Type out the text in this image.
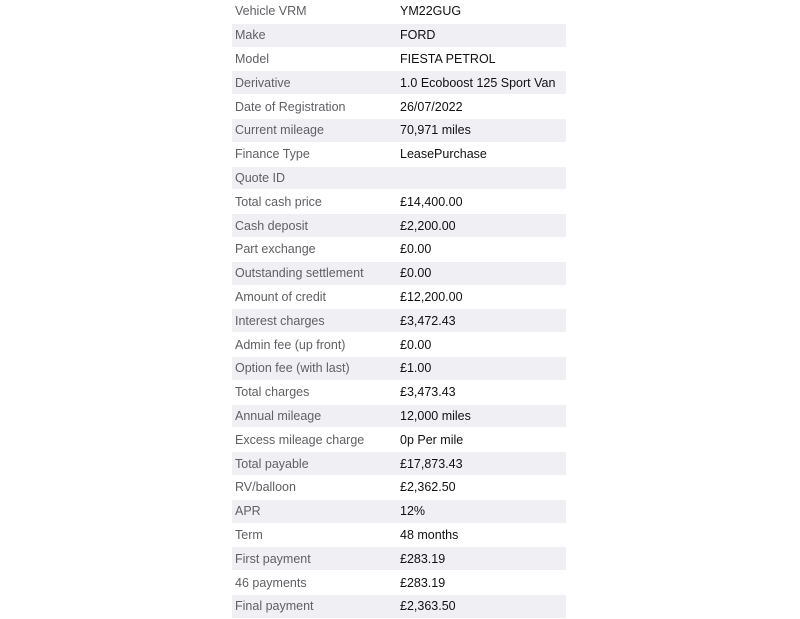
Vehicle VRM	YM22GUG
Make	FORD
Model	FIESTA PETROL
Derivative	1.0 Ecoboost 125 Sport Van
Date of Registration	26/07/2022
Current mileage	70,971 miles
Finance Type	LeasePurchase
Quote ID
Total cash price	£14,400.00
Cash deposit	£2,200.00
Part exchange	£0.00
Outstanding settlement	£0.00
Amount of credit	£12,200.00
Interest charges	£3,472.43
Admin fee (up front)	£0.00
Option fee (with last)	£1.00
Total charges	£3,473.43
Annual mileage	12,000 miles
Excess mileage charge	0p Per mile
Total payable	£17,873.43
RV/balloon	£2,362.50
APR	12%
Term	48 months
First payment	£283.19
46 payments	£283.19
Final payment	£2,363.50
